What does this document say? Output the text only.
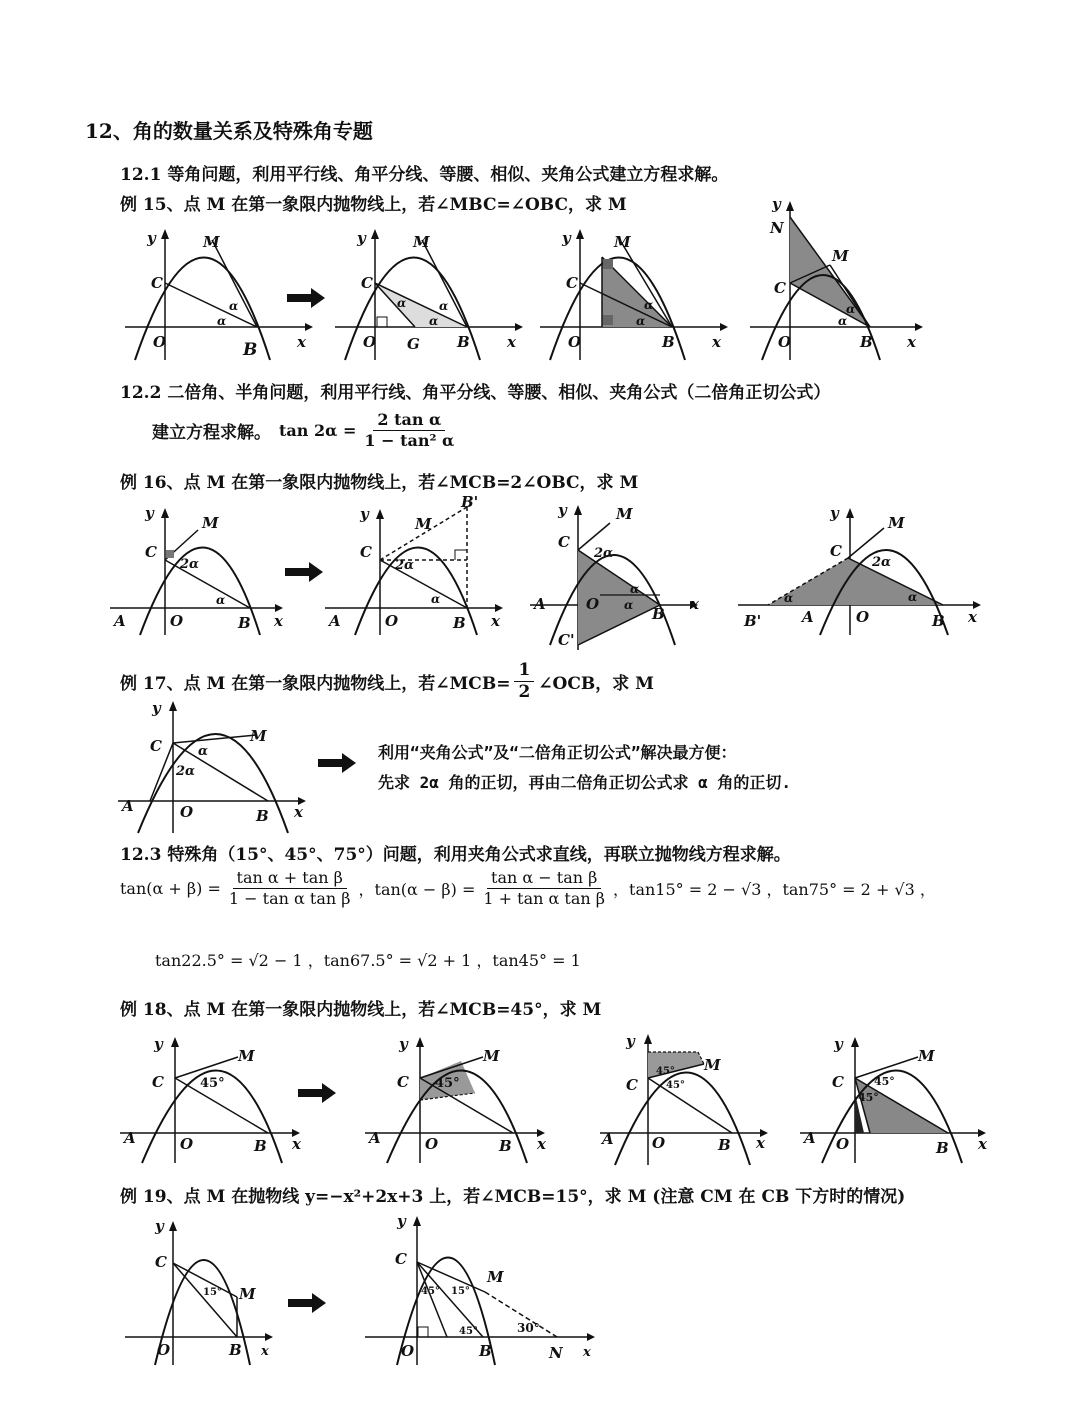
12、角的数量关系及特殊角专题
12.1 等角问题，利用平行线、角平分线、等腰、相似、夹角公式建立方程求解。
例 15、点 M 在第一象限内抛物线上，若∠MBC=∠OBC，求 M
12.2 二倍角、半角问题，利用平行线、角平分线、等腰、相似、夹角公式（二倍角正切公式）
建立方程求解。 $\tan 2\alpha = \frac{\text{2 tan α}}{\text{1 − tan² α}}$
例 16、点 M 在第一象限内抛物线上，若∠MCB=2∠OBC，求 M
例 17、点 M 在第一象限内抛物线上，若∠MCB= $\frac{1}{2}$ ∠OCB，求 M
利用“夹角公式”及“二倍角正切公式”解决最方便：
先求 2α 角的正切，再由二倍角正切公式求 α 角的正切.
12.3 特殊角（15°、45°、75°）问题，利用夹角公式求直线，再联立抛物线方程求解。
$\tan(\alpha + \beta) = \frac{\text{tan α + tan β}}{\text{1 − tan α tan β}}$ ，$\tan(\alpha - \beta) = \frac{\text{tan α − tan β}}{\text{1 + tan α tan β}}$ ，tan15° = 2 − √3 ，tan75° = 2 + √3 ，
tan22.5° = √2 − 1 ，tan67.5° = √2 + 1 ，tan45° = 1
例 18、点 M 在第一象限内抛物线上，若∠MCB=45°，求 M
例 19、点 M 在抛物线 y=−x²+2x+3 上，若∠MCB=15°，求 M (注意 CM 在 CB 下方时的情况)
y
C
M
O	B	x
α
α
y
C
M
O G B x
α	α
α
y
C
M
O	B x
α
α
y
N
C
M
O	B x
α
α
y
C
M
2α
A	O	B x
α
y
C
M
B'
2α
A	O	B x
α
y
C
M
2α
A	O
B
x
C'
α
α
y
C
M
2α
B'	A	O	B x
α	α
y
C
M
α
2α
A	O	B x
y
C
M
45°
A	O	B x
y
C
M
45°
A	O	B x
y
C
M
45°
45°
A	O	B x
y
C
M
45°
45°
A O	B x
y
C
M
15°
O	B x
y
C
M
45° 15°
45°	30°
O	B	N x
